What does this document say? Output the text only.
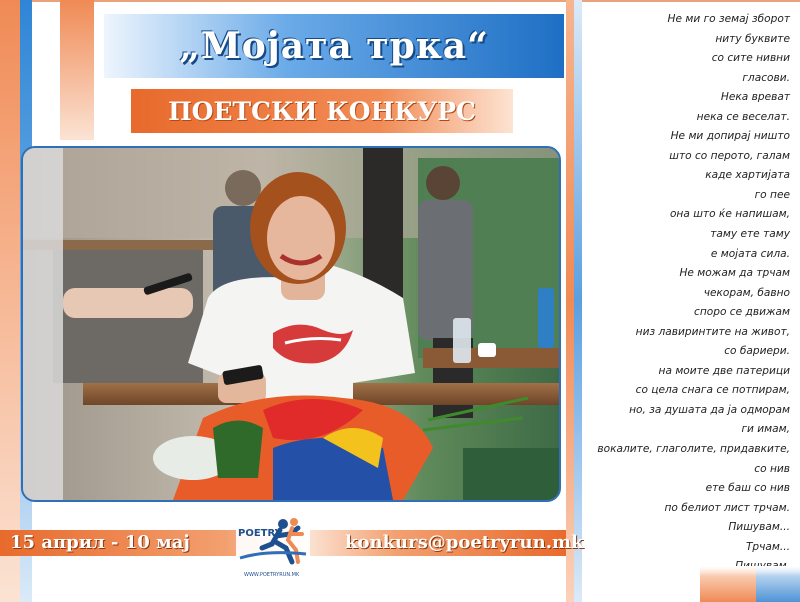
„Мојата трка“
ПОЕТСКИ КОНКУРС
15 април - 10 мај	konkurs@poetryrun.mk
POETRY
WWW.POETRYRUN.MK
Не ми го земај зборот
ниту буквите
со сите нивни
гласови.
Нека вреват
нека се веселат.
Не ми допирај ништо
што со перото, галам
каде хартијата
го пее
она што ќе напишам,
таму ете таму
е мојата сила.
Не можам да трчам
чекорам, бавно
споро се движам
низ лавиринтите на живот,
со бариери.
на моите две патерици
со цела снага се потпирам,
но, за душата да ја одморам
ги имам,
вокалите, глаголите, придавките,
со нив
ете баш со нив
по белиот лист трчам.
Пишувам...
Трчам...
